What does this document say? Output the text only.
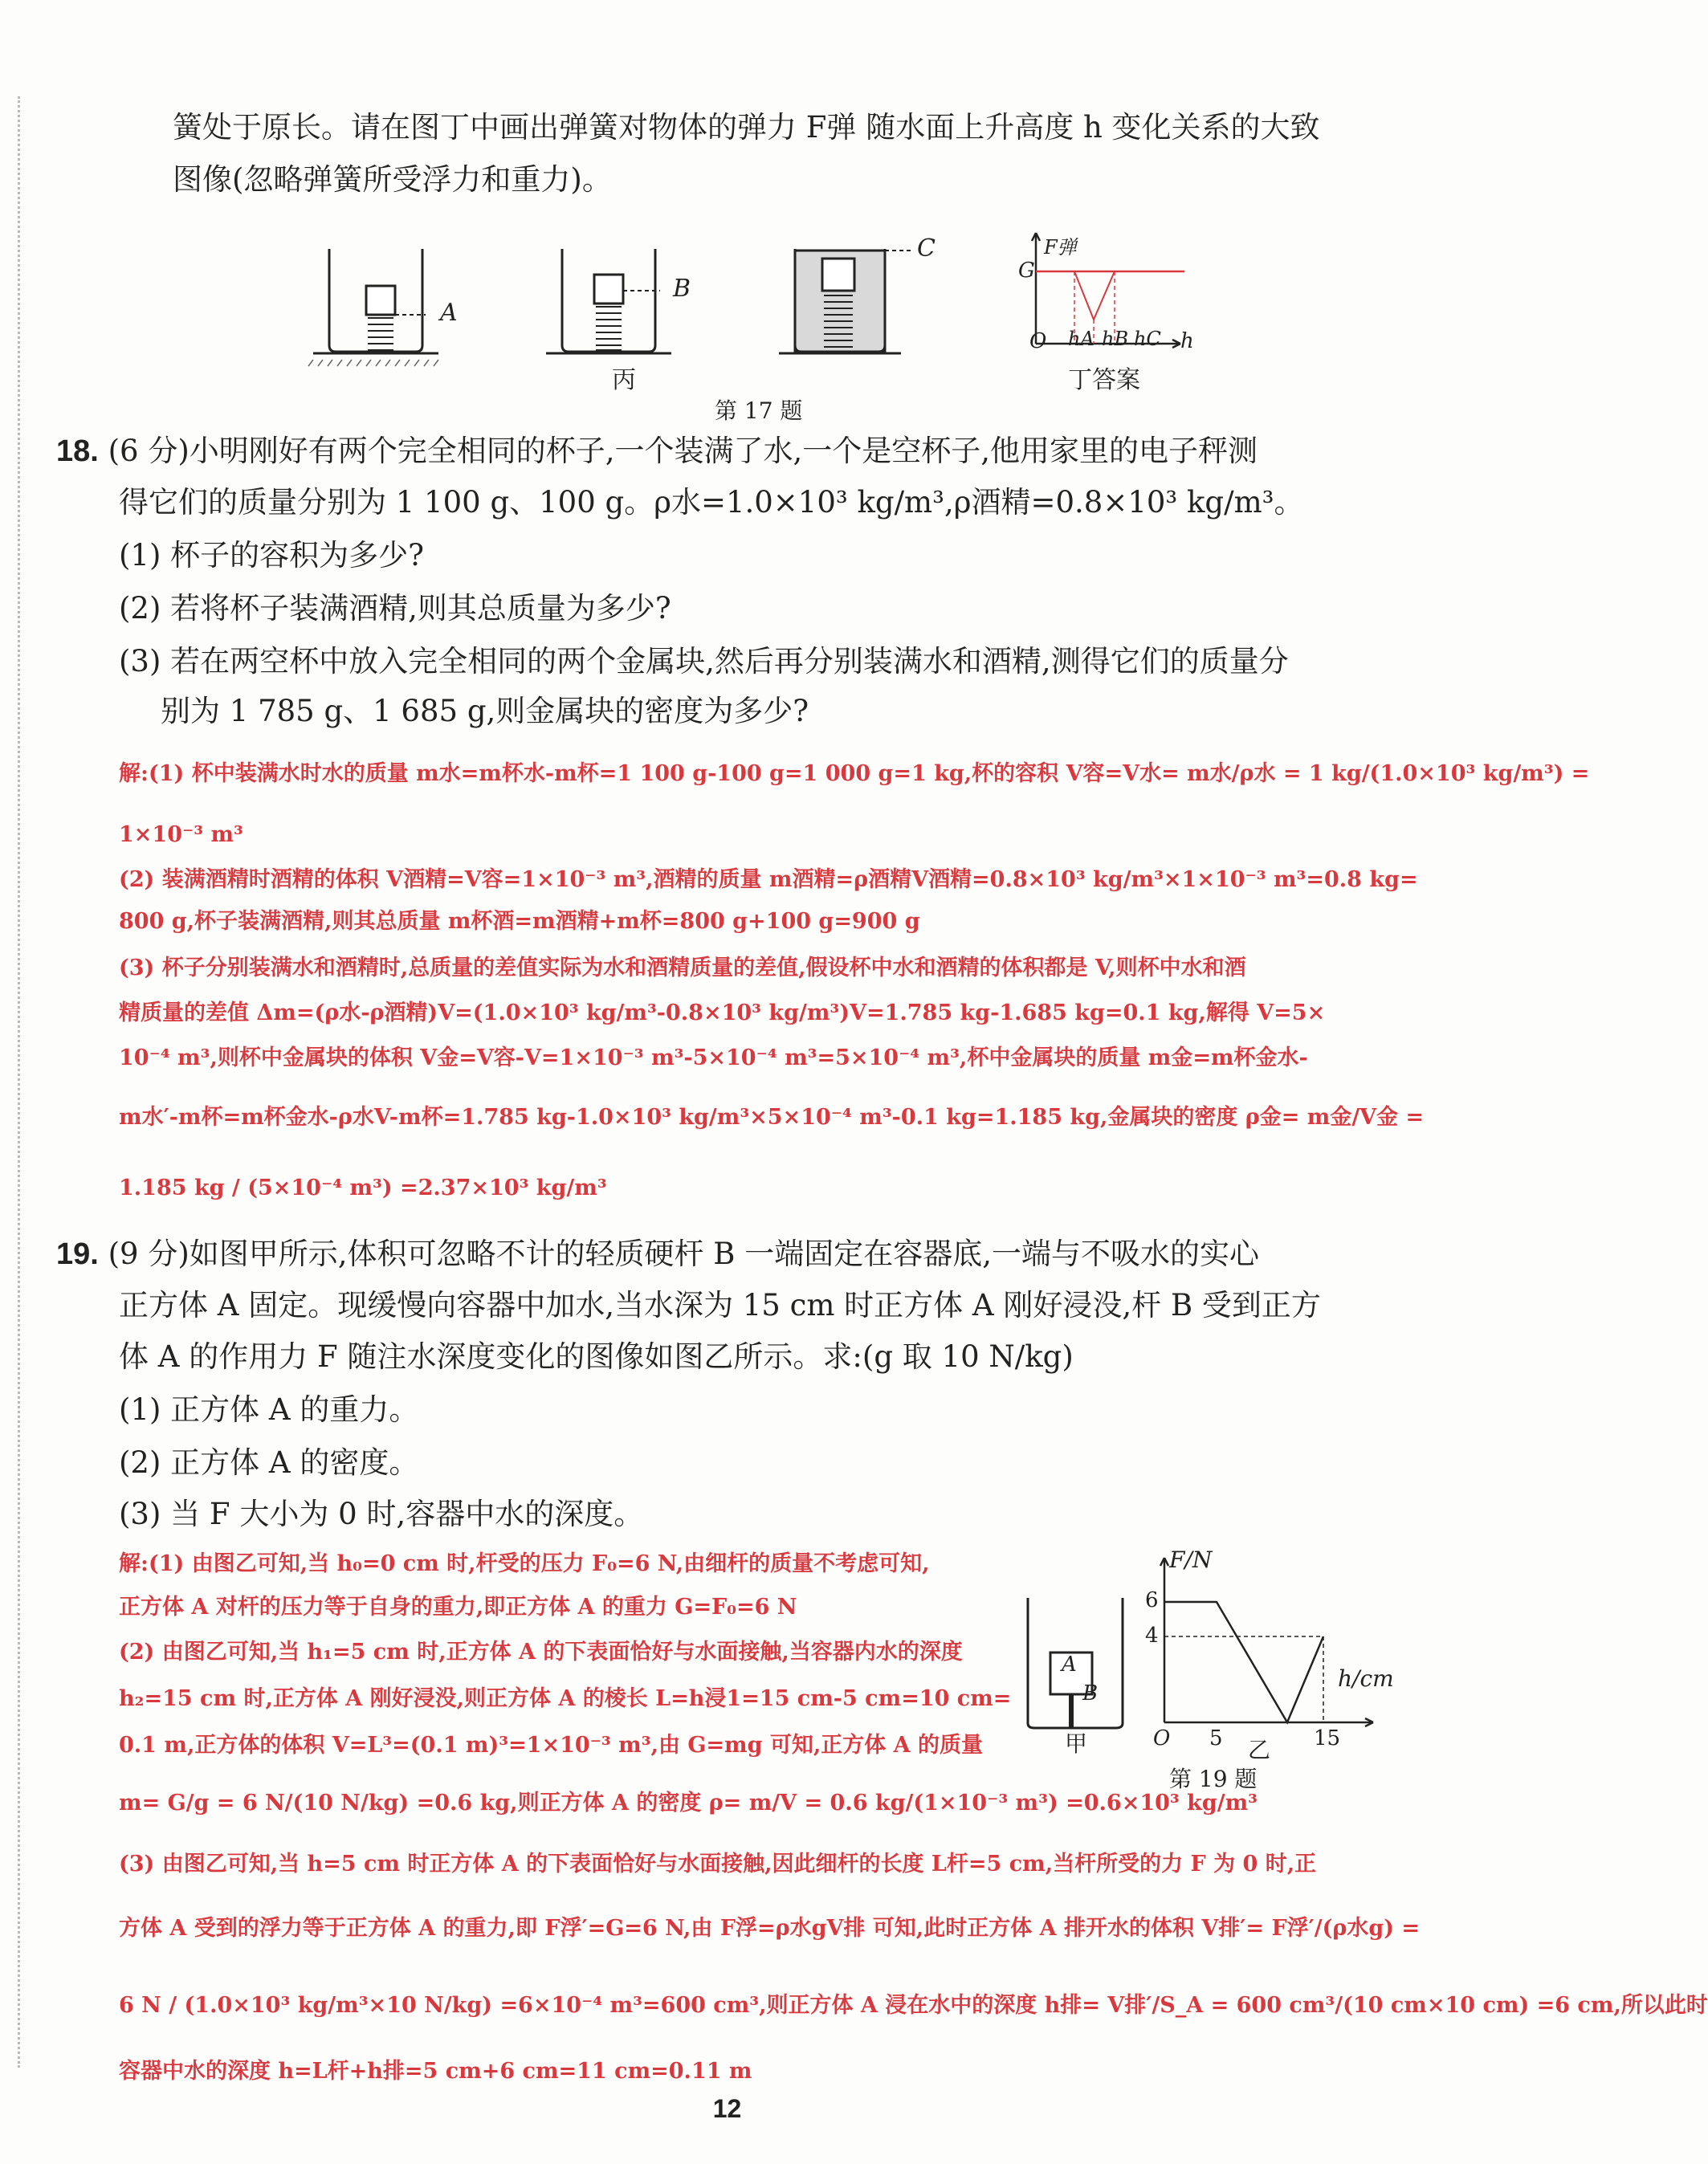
簧处于原长。请在图丁中画出弹簧对物体的弹力 F弹 随水面上升高度 h 变化关系的大致
图像(忽略弹簧所受浮力和重力)。
A
B
C
丙
F弹
G
O hA hB hC h
丁答案
第 17 题
18. (6 分)小明刚好有两个完全相同的杯子,一个装满了水,一个是空杯子,他用家里的电子秤测
得它们的质量分别为 1 100 g、100 g。ρ水=1.0×10³ kg/m³,ρ酒精=0.8×10³ kg/m³。
(1) 杯子的容积为多少?
(2) 若将杯子装满酒精,则其总质量为多少?
(3) 若在两空杯中放入完全相同的两个金属块,然后再分别装满水和酒精,测得它们的质量分
别为 1 785 g、1 685 g,则金属块的密度为多少?
解:(1) 杯中装满水时水的质量 m水=m杯水-m杯=1 100 g-100 g=1 000 g=1 kg,杯的容积 V容=V水= m水/ρ水 = 1 kg/(1.0×10³ kg/m³) =
1×10⁻³ m³
(2) 装满酒精时酒精的体积 V酒精=V容=1×10⁻³ m³,酒精的质量 m酒精=ρ酒精V酒精=0.8×10³ kg/m³×1×10⁻³ m³=0.8 kg=
800 g,杯子装满酒精,则其总质量 m杯酒=m酒精+m杯=800 g+100 g=900 g
(3) 杯子分别装满水和酒精时,总质量的差值实际为水和酒精质量的差值,假设杯中水和酒精的体积都是 V,则杯中水和酒
精质量的差值 Δm=(ρ水-ρ酒精)V=(1.0×10³ kg/m³-0.8×10³ kg/m³)V=1.785 kg-1.685 kg=0.1 kg,解得 V=5×
10⁻⁴ m³,则杯中金属块的体积 V金=V容-V=1×10⁻³ m³-5×10⁻⁴ m³=5×10⁻⁴ m³,杯中金属块的质量 m金=m杯金水-
m水′-m杯=m杯金水-ρ水V-m杯=1.785 kg-1.0×10³ kg/m³×5×10⁻⁴ m³-0.1 kg=1.185 kg,金属块的密度 ρ金= m金/V金 =
1.185 kg / (5×10⁻⁴ m³) =2.37×10³ kg/m³
19. (9 分)如图甲所示,体积可忽略不计的轻质硬杆 B 一端固定在容器底,一端与不吸水的实心
正方体 A 固定。现缓慢向容器中加水,当水深为 15 cm 时正方体 A 刚好浸没,杆 B 受到正方
体 A 的作用力 F 随注水深度变化的图像如图乙所示。求:(g 取 10 N/kg)
(1) 正方体 A 的重力。
(2) 正方体 A 的密度。
(3) 当 F 大小为 0 时,容器中水的深度。
解:(1) 由图乙可知,当 h₀=0 cm 时,杆受的压力 F₀=6 N,由细杆的质量不考虑可知,
正方体 A 对杆的压力等于自身的重力,即正方体 A 的重力 G=F₀=6 N
(2) 由图乙可知,当 h₁=5 cm 时,正方体 A 的下表面恰好与水面接触,当容器内水的深度
h₂=15 cm 时,正方体 A 刚好浸没,则正方体 A 的棱长 L=h浸1=15 cm-5 cm=10 cm=
0.1 m,正方体的体积 V=L³=(0.1 m)³=1×10⁻³ m³,由 G=mg 可知,正方体 A 的质量
m= G/g = 6 N/(10 N/kg) =0.6 kg,则正方体 A 的密度 ρ= m/V = 0.6 kg/(1×10⁻³ m³) =0.6×10³ kg/m³
(3) 由图乙可知,当 h=5 cm 时正方体 A 的下表面恰好与水面接触,因此细杆的长度 L杆=5 cm,当杆所受的力 F 为 0 时,正
方体 A 受到的浮力等于正方体 A 的重力,即 F浮′=G=6 N,由 F浮=ρ水gV排 可知,此时正方体 A 排开水的体积 V排′= F浮′/(ρ水g) =
6 N / (1.0×10³ kg/m³×10 N/kg) =6×10⁻⁴ m³=600 cm³,则正方体 A 浸在水中的深度 h排= V排′/S_A = 600 cm³/(10 cm×10 cm) =6 cm,所以此时
容器中水的深度 h=L杆+h排=5 cm+6 cm=11 cm=0.11 m
A
B
甲
F/N
6
4
h/cm
O 5	15
乙
第 19 题
12
